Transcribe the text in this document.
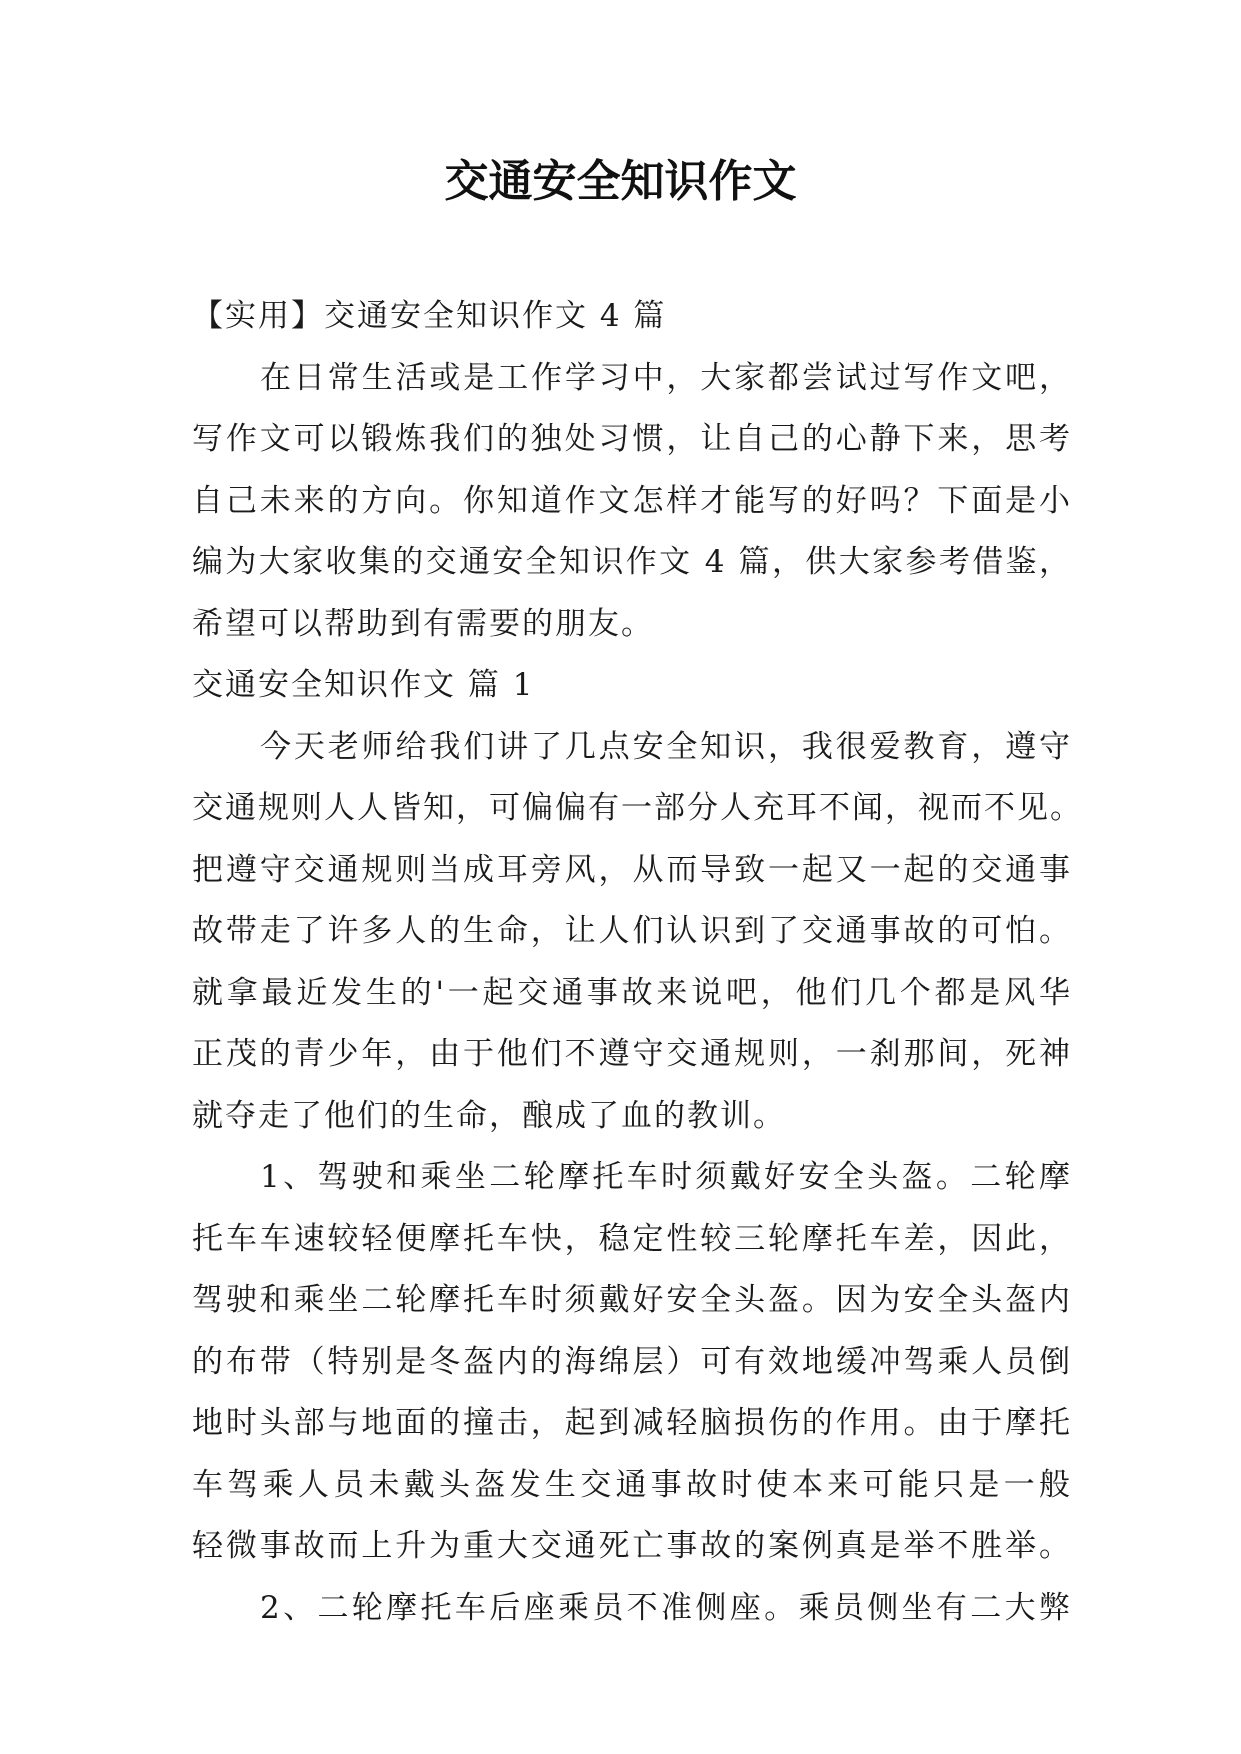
交通安全知识作文

【实用】交通安全知识作文 4 篇

在日常生活或是工作学习中，大家都尝试过写作文吧，
写作文可以锻炼我们的独处习惯，让自己的心静下来，思考
自己未来的方向。你知道作文怎样才能写的好吗？下面是小
编为大家收集的交通安全知识作文 4 篇，供大家参考借鉴，
希望可以帮助到有需要的朋友。

交通安全知识作文 篇 1

今天老师给我们讲了几点安全知识，我很爱教育，遵守
交通规则人人皆知，可偏偏有一部分人充耳不闻，视而不见。
把遵守交通规则当成耳旁风，从而导致一起又一起的交通事
故带走了许多人的生命，让人们认识到了交通事故的可怕。
就拿最近发生的'一起交通事故来说吧，他们几个都是风华
正茂的青少年，由于他们不遵守交通规则，一刹那间，死神
就夺走了他们的生命，酿成了血的教训。

1、驾驶和乘坐二轮摩托车时须戴好安全头盔。二轮摩
托车车速较轻便摩托车快，稳定性较三轮摩托车差，因此，
驾驶和乘坐二轮摩托车时须戴好安全头盔。因为安全头盔内
的布带（特别是冬盔内的海绵层）可有效地缓冲驾乘人员倒
地时头部与地面的撞击，起到减轻脑损伤的作用。由于摩托
车驾乘人员未戴头盔发生交通事故时使本来可能只是一般
轻微事故而上升为重大交通死亡事故的案例真是举不胜举。

2、二轮摩托车后座乘员不准侧座。乘员侧坐有二大弊
